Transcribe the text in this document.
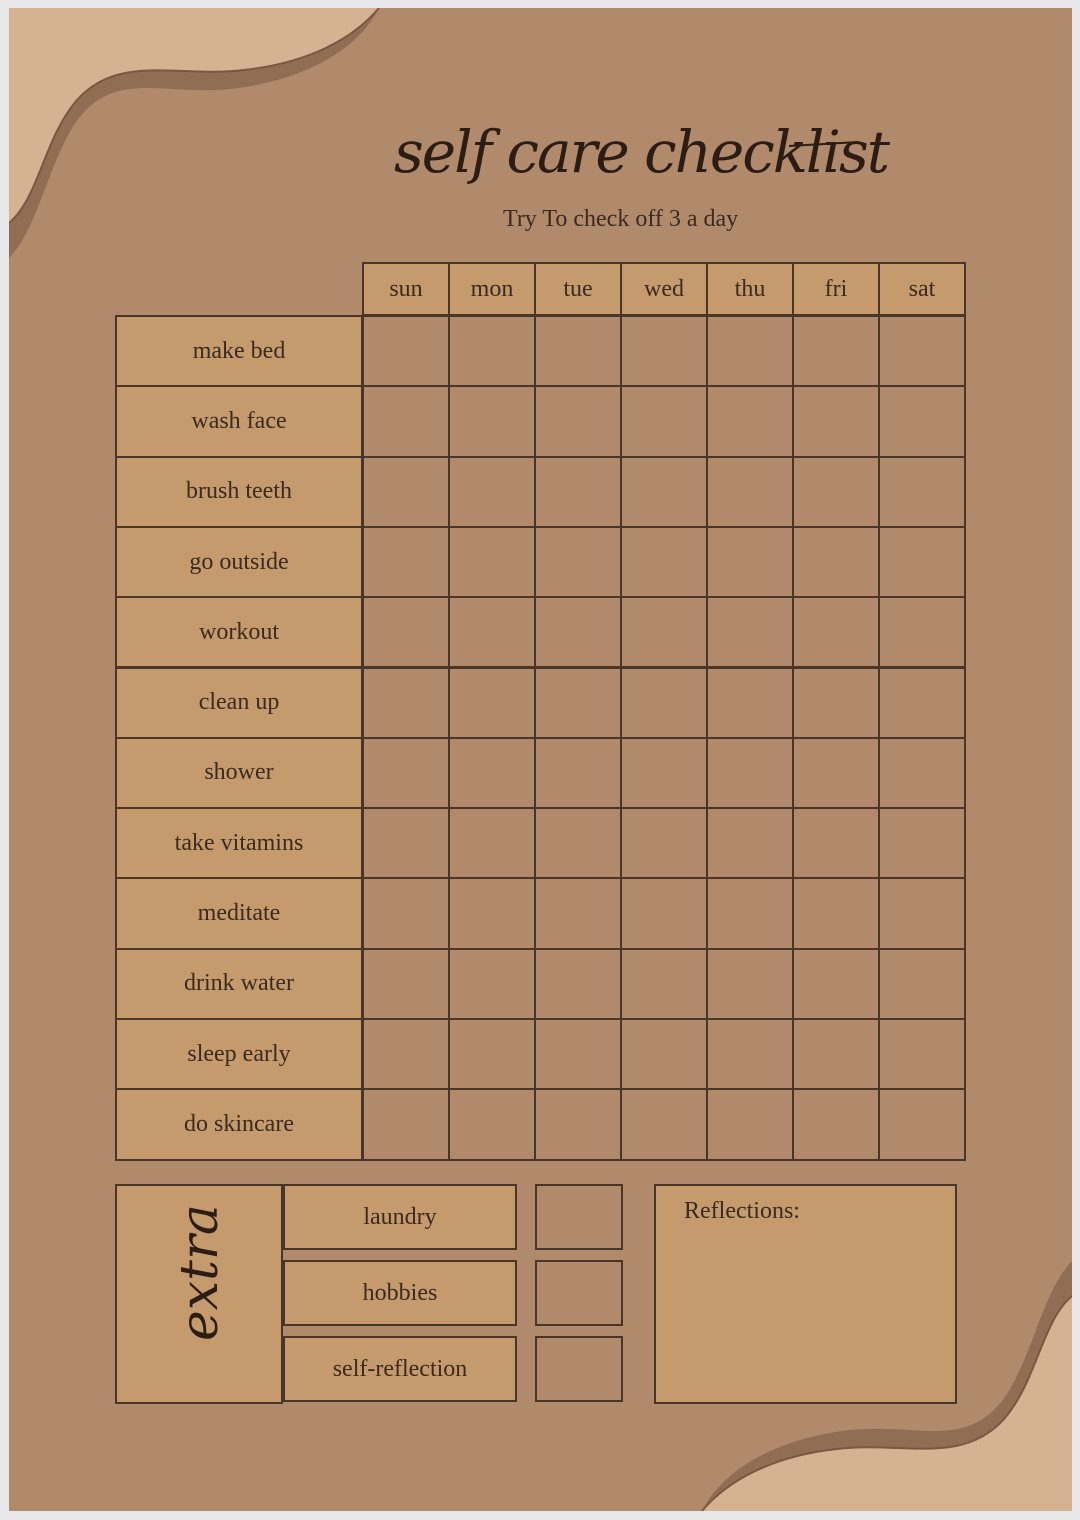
self care checklist
Try To check off 3 a day
sun	mon	tue	wed	thu	fri	sat
make bed
wash face
brush teeth
go outside
workout
clean up
shower
take vitamins
meditate
drink water
sleep early
do skincare
extra	laundry
hobbies
self-reflection
Reflections:
